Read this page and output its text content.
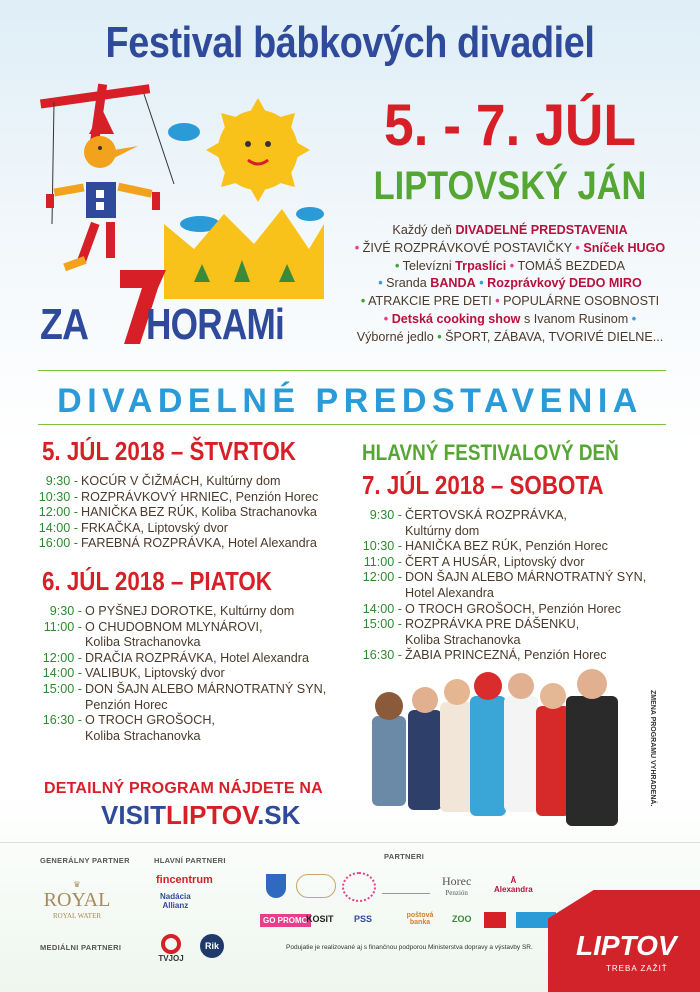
Festival bábkových divadiel
ZA HORAMi
5. - 7. JÚL
LIPTOVSKÝ JÁN
Každý deň DIVADELNÉ PREDSTAVENIA
• ŽIVÉ ROZPRÁVKOVÉ POSTAVIČKY • Sníček HUGO
• Televízni Trpaslíci • TOMÁŠ BEZDEDA
• Sranda BANDA • Rozprávkový DEDO MIRO
• ATRAKCIE PRE DETI • POPULÁRNE OSOBNOSTI
• Detská cooking show s Ivanom Rusinom •
Výborné jedlo • ŠPORT, ZÁBAVA, TVORIVÉ DIELNE...
DIVADELNÉ PREDSTAVENIA
5. JÚL 2018 – ŠTVRTOK
9:30 - KOCÚR V ČIŽMÁCH, Kultúrny dom
10:30 - ROZPRÁVKOVÝ HRNIEC, Penzión Horec
12:00 - HANIČKA BEZ RÚK, Koliba Strachanovka
14:00 - FRKAČKA, Liptovský dvor
16:00 - FAREBNÁ ROZPRÁVKA, Hotel Alexandra
6. JÚL 2018 – PIATOK
9:30 - O PYŠNEJ DOROTKE, Kultúrny dom
11:00 - O CHUDOBNOM MLYNÁROVI,
Koliba Strachanovka
12:00 - DRAČIA ROZPRÁVKA, Hotel Alexandra
14:00 - VALIBUK, Liptovský dvor
15:00 - DON ŠAJN ALEBO MÁRNOTRATNÝ SYN,
Penzión Horec
16:30 - O TROCH GROŠOCH,
Koliba Strachanovka
HLAVNÝ FESTIVALOVÝ DEŇ
7. JÚL 2018 – SOBOTA
9:30 - ČERTOVSKÁ ROZPRÁVKA,
Kultúrny dom
10:30 - HANIČKA BEZ RÚK, Penzión Horec
11:00 - ČERT A HUSÁR, Liptovský dvor
12:00 - DON ŠAJN ALEBO MÁRNOTRATNÝ SYN,
Hotel Alexandra
14:00 - O TROCH GROŠOCH, Penzión Horec
15:00 - ROZPRÁVKA PRE DÁŠENKU,
Koliba Strachanovka
16:30 - ŽABIA PRINCEZNÁ, Penzión Horec
ZMENA PROGRAMU VYHRADENÁ.
DETAILNÝ PROGRAM NÁJDETE NA
VISITLIPTOV.SK
GENERÁLNY PARTNER	HLAVNÍ PARTNERI	PARTNERI
♛
ROYAL
ROYAL WATER
fincentrum
Nadácia
Allianz
MEDIÁLNI PARTNERI
TVJOJ
Rik
Horec
Penzión
Ā
Alexandra
GO PROMO
KOSIT PSS	poštová banka	ZOO
Podujatie je realizované aj s finančnou podporou Ministerstva dopravy a výstavby SR. LIPTOV
TREBA ZAŽIŤ
